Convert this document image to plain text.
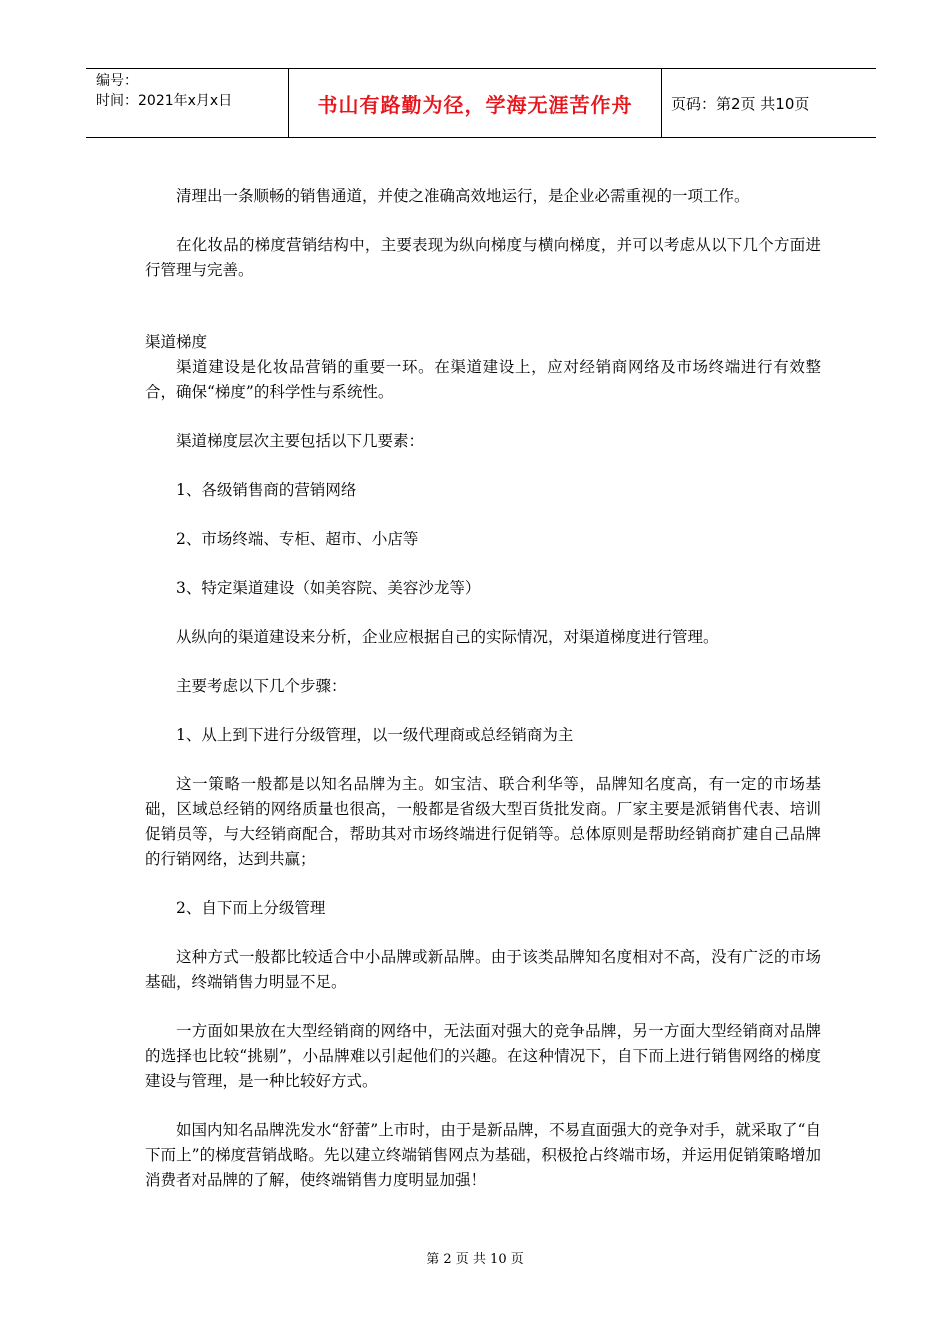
编号：
时间：2021年x月x日	书山有路勤为径，学海无涯苦作舟	页码：第2页 共10页

清理出一条顺畅的销售通道，并使之准确高效地运行，是企业必需重视的一项工作。

在化妆品的梯度营销结构中，主要表现为纵向梯度与横向梯度，并可以考虑从以下几个方面进行管理与完善。

渠道梯度

渠道建设是化妆品营销的重要一环。在渠道建设上，应对经销商网络及市场终端进行有效整合，确保“梯度”的科学性与系统性。

渠道梯度层次主要包括以下几要素：

1、各级销售商的营销网络

2、市场终端、专柜、超市、小店等

3、特定渠道建设（如美容院、美容沙龙等）

从纵向的渠道建设来分析，企业应根据自己的实际情况，对渠道梯度进行管理。

主要考虑以下几个步骤：

1、从上到下进行分级管理，以一级代理商或总经销商为主

这一策略一般都是以知名品牌为主。如宝洁、联合利华等，品牌知名度高，有一定的市场基础，区域总经销的网络质量也很高，一般都是省级大型百货批发商。厂家主要是派销售代表、培训促销员等，与大经销商配合，帮助其对市场终端进行促销等。总体原则是帮助经销商扩建自己品牌的行销网络，达到共赢；

2、自下而上分级管理

这种方式一般都比较适合中小品牌或新品牌。由于该类品牌知名度相对不高，没有广泛的市场基础，终端销售力明显不足。

一方面如果放在大型经销商的网络中，无法面对强大的竞争品牌，另一方面大型经销商对品牌的选择也比较“挑剔”，小品牌难以引起他们的兴趣。在这种情况下，自下而上进行销售网络的梯度建设与管理，是一种比较好方式。

如国内知名品牌洗发水“舒蕾”上市时，由于是新品牌，不易直面强大的竞争对手，就采取了“自下而上”的梯度营销战略。先以建立终端销售网点为基础，积极抢占终端市场，并运用促销策略增加消费者对品牌的了解，使终端销售力度明显加强！

第 2 页 共 10 页
